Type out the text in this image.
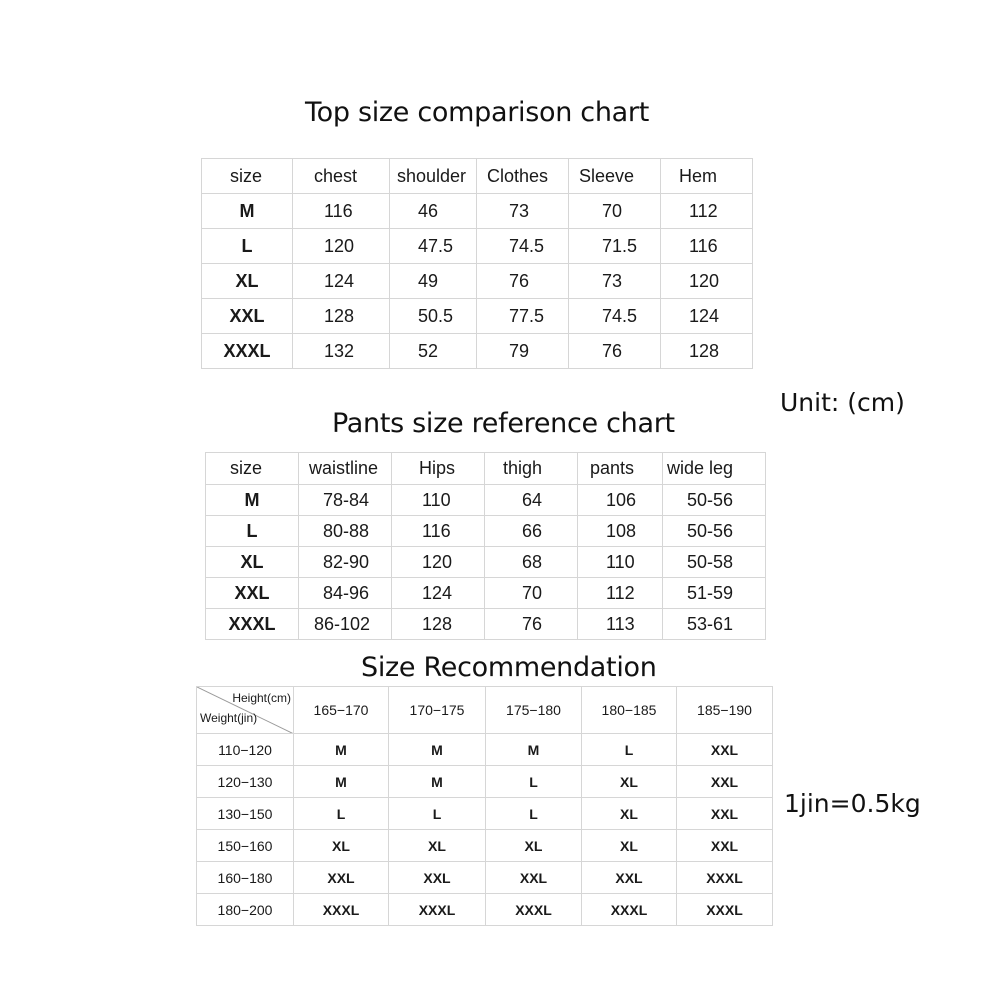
Top size comparison chart
size	chest	shoulder	Clothes	Sleeve	Hem
M	116	46	73	70	112
L	120	47.5	74.5	71.5	116
XL	124	49	76	73	120
XXL	128	50.5	77.5	74.5	124
XXXL	132	52	79	76	128
Unit: (cm)
Pants size reference chart
size	waistline	Hips	thigh	pants	wide leg
M	78-84	110	64	106	50-56
L	80-88	116	66	108	50-56
XL	82-90	120	68	110	50-58
XXL	84-96	124	70	112	51-59
XXXL	86-102	128	76	113	53-61
Size Recommendation
Height(cm)
Weight(jin)	165−170	170−175	175−180	180−185	185−190
110−120	M	M	M	L	XXL
120−130	M	M	L	XL	XXL
130−150	L	L	L	XL	XXL
150−160	XL	XL	XL	XL	XXL
160−180	XXL	XXL	XXL	XXL	XXXL
180−200	XXXL	XXXL	XXXL	XXXL	XXXL
1jin=0.5kg
